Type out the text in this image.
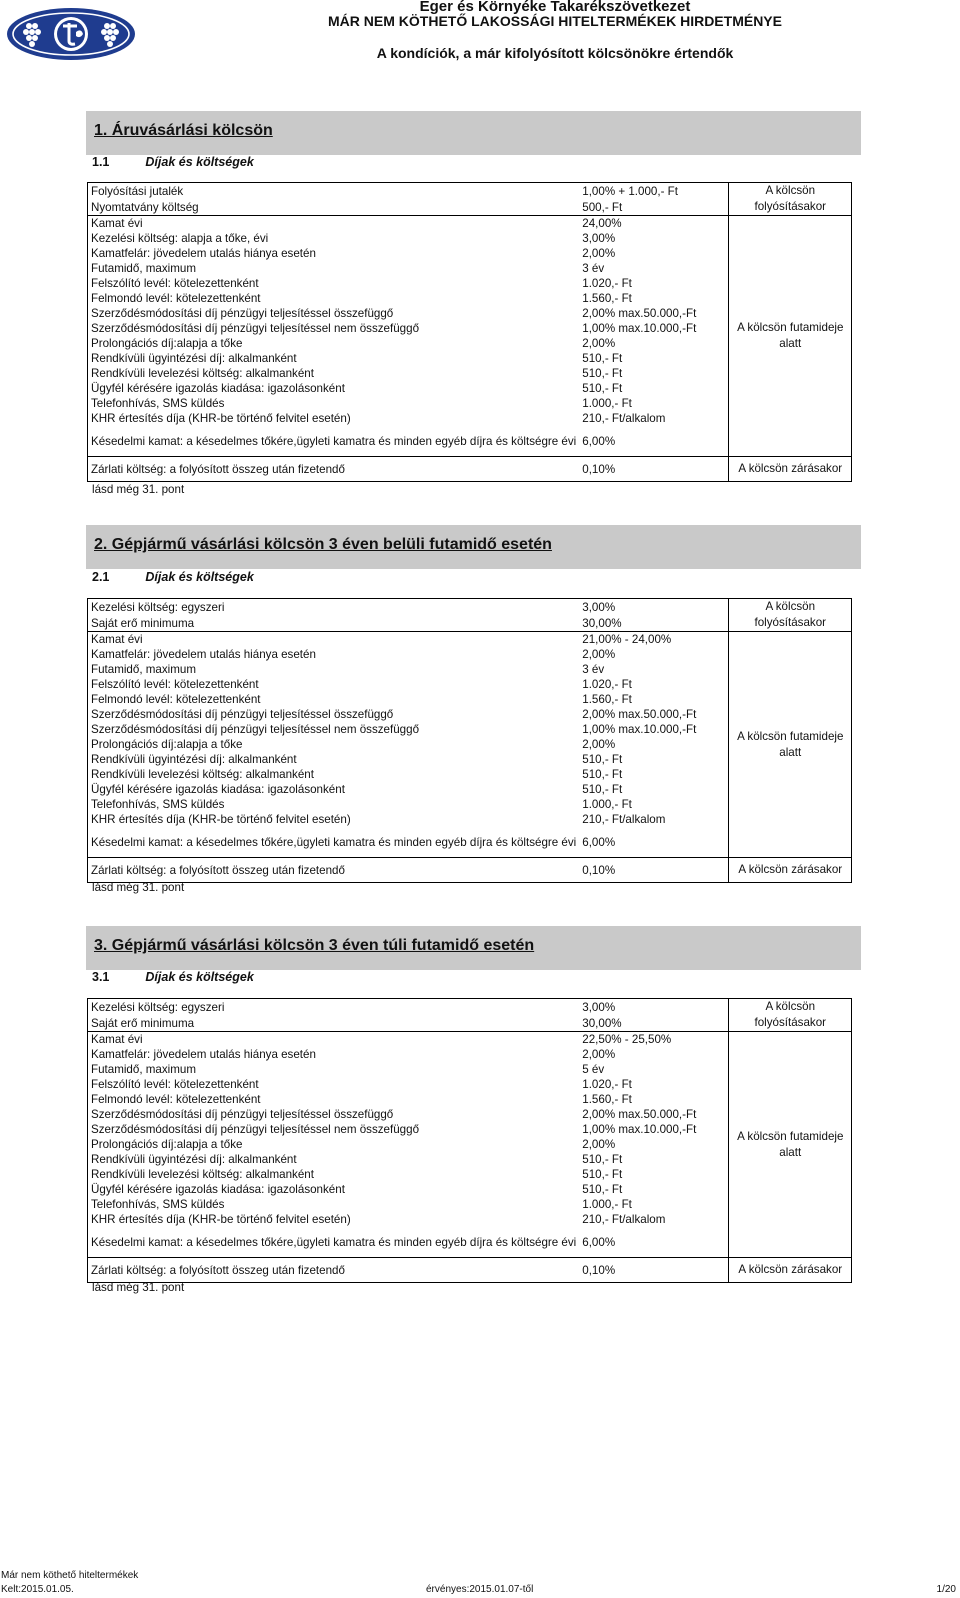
Eger és Környéke Takarékszövetkezet
MÁR NEM KÖTHETŐ LAKOSSÁGI HITELTERMÉKEK HIRDETMÉNYE
A kondíciók, a már kifolyósított kölcsönökre értendők
1. Áruvásárlási kölcsön
1.1	Díjak és költségek
Folyósítási jutalék	1,00% + 1.000,- Ft	A kölcsön folyósításakor
Nyomtatvány költség	500,- Ft	
Kamat évi	24,00%	A kölcsön futamideje alatt
Kezelési költség: alapja a tőke, évi	3,00%	
Kamatfelár: jövedelem utalás hiánya esetén	2,00%	
Futamidő, maximum	3 év	
Felszólító levél: kötelezettenként	1.020,- Ft	
Felmondó levél: kötelezettenként	1.560,- Ft	
Szerződésmódosítási díj pénzügyi teljesítéssel összefüggő	2,00% max.50.000,-Ft	
Szerződésmódosítási díj pénzügyi teljesítéssel nem összefüggő	1,00% max.10.000,-Ft	
Prolongációs díj:alapja a tőke	2,00%	
Rendkívüli ügyintézési díj: alkalmanként	510,- Ft	
Rendkívüli levelezési költség: alkalmanként	510,- Ft	
Ügyfél kérésére igazolás kiadása: igazolásonként	510,- Ft	
Telefonhívás, SMS küldés	1.000,- Ft	
KHR értesítés díja (KHR-be történő felvitel esetén)	210,- Ft/alkalom	
Késedelmi kamat: a késedelmes tőkére,ügyleti kamatra és minden egyéb díjra és költségre évi	6,00%	
Zárlati költség: a folyósított összeg után fizetendő	0,10%	A kölcsön zárásakor
lásd még 31. pont
2. Gépjármű vásárlási kölcsön 3 éven belüli futamidő esetén
2.1	Díjak és költségek
Kezelési költség: egyszeri	3,00%	A kölcsön folyósításakor
Saját erő minimuma	30,00%	
Kamat évi	21,00% - 24,00%	A kölcsön futamideje alatt
Kamatfelár: jövedelem utalás hiánya esetén	2,00%	
Futamidő, maximum	3 év	
Felszólító levél: kötelezettenként	1.020,- Ft	
Felmondó levél: kötelezettenként	1.560,- Ft	
Szerződésmódosítási díj pénzügyi teljesítéssel összefüggő	2,00% max.50.000,-Ft	
Szerződésmódosítási díj pénzügyi teljesítéssel nem összefüggő	1,00% max.10.000,-Ft	
Prolongációs díj:alapja a tőke	2,00%	
Rendkívüli ügyintézési díj: alkalmanként	510,- Ft	
Rendkívüli levelezési költség: alkalmanként	510,- Ft	
Ügyfél kérésére igazolás kiadása: igazolásonként	510,- Ft	
Telefonhívás, SMS küldés	1.000,- Ft	
KHR értesítés díja (KHR-be történő felvitel esetén)	210,- Ft/alkalom	
Késedelmi kamat: a késedelmes tőkére,ügyleti kamatra és minden egyéb díjra és költségre évi	6,00%	
Zárlati költség: a folyósított összeg után fizetendő	0,10%	A kölcsön zárásakor
lásd még 31. pont
3. Gépjármű vásárlási kölcsön 3 éven túli futamidő esetén
3.1	Díjak és költségek
Kezelési költség: egyszeri	3,00%	A kölcsön folyósításakor
Saját erő minimuma	30,00%	
Kamat évi	22,50% - 25,50%	A kölcsön futamideje alatt
Kamatfelár: jövedelem utalás hiánya esetén	2,00%	
Futamidő, maximum	5 év	
Felszólító levél: kötelezettenként	1.020,- Ft	
Felmondó levél: kötelezettenként	1.560,- Ft	
Szerződésmódosítási díj pénzügyi teljesítéssel összefüggő	2,00% max.50.000,-Ft	
Szerződésmódosítási díj pénzügyi teljesítéssel nem összefüggő	1,00% max.10.000,-Ft	
Prolongációs díj:alapja a tőke	2,00%	
Rendkívüli ügyintézési díj: alkalmanként	510,- Ft	
Rendkívüli levelezési költség: alkalmanként	510,- Ft	
Ügyfél kérésére igazolás kiadása: igazolásonként	510,- Ft	
Telefonhívás, SMS küldés	1.000,- Ft	
KHR értesítés díja (KHR-be történő felvitel esetén)	210,- Ft/alkalom	
Késedelmi kamat: a késedelmes tőkére,ügyleti kamatra és minden egyéb díjra és költségre évi	6,00%	
Zárlati költség: a folyósított összeg után fizetendő	0,10%	A kölcsön zárásakor
lásd még 31. pont
Már nem köthető hiteltermékek
Kelt:2015.01.05.	érvényes:2015.01.07-től	1/20
